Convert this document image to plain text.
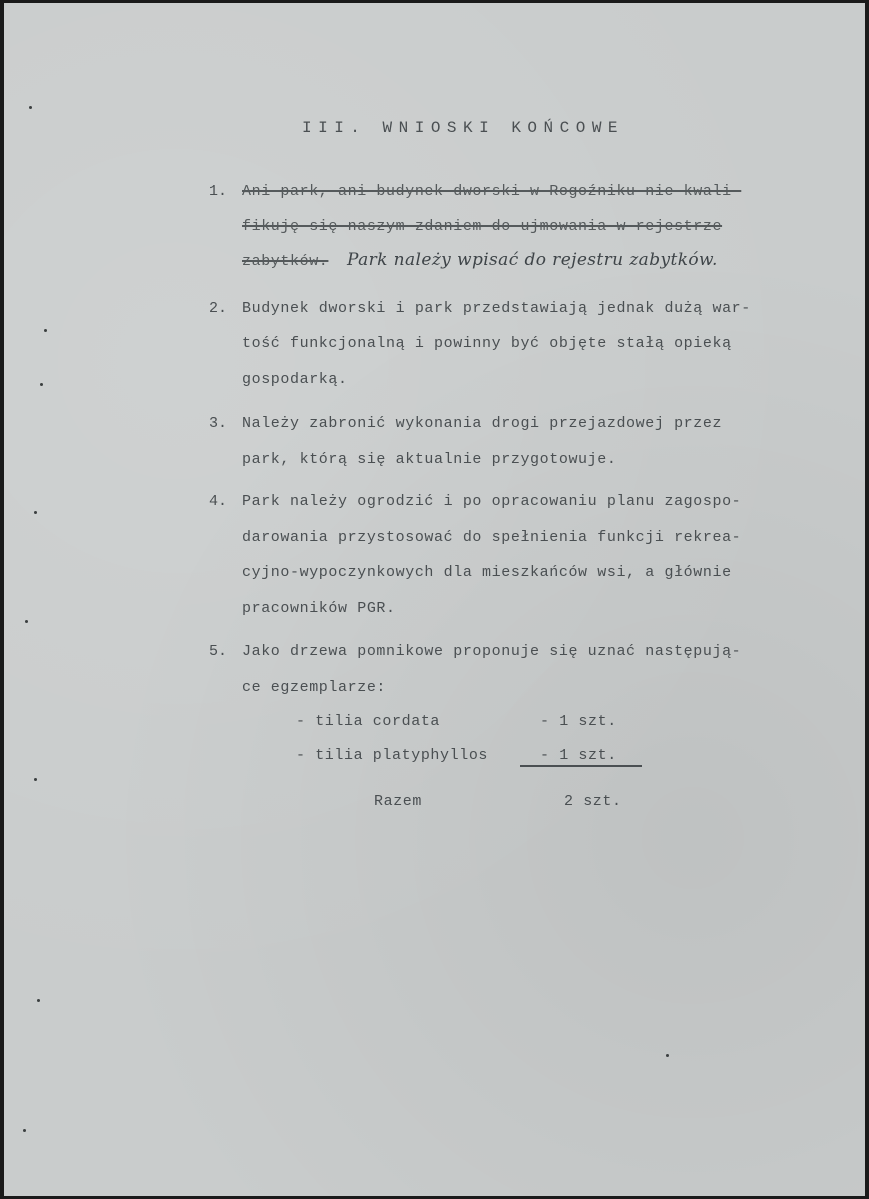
III. WNIOSKI KOŃCOWE
1. Ani park, ani budynek dworski w Rogoźniku nie kwali-
fikuję się naszym zdaniem do ujmowania w rejestrze
zabytków. Park należy wpisać do rejestru zabytków.
2. Budynek dworski i park przedstawiają jednak dużą war-
tość funkcjonalną i powinny być objęte stałą opieką
gospodarką.
3. Należy zabronić wykonania drogi przejazdowej przez
park, którą się aktualnie przygotowuje.
4. Park należy ogrodzić i po opracowaniu planu zagospo-
darowania przystosować do spełnienia funkcji rekrea-
cyjno-wypoczynkowych dla mieszkańców wsi, a głównie
pracowników PGR.
5. Jako drzewa pomnikowe proponuje się uznać następują-
ce egzemplarze:
- tilia cordata	- 1 szt.
- tilia platyphyllos	- 1 szt.
Razem	2 szt.
